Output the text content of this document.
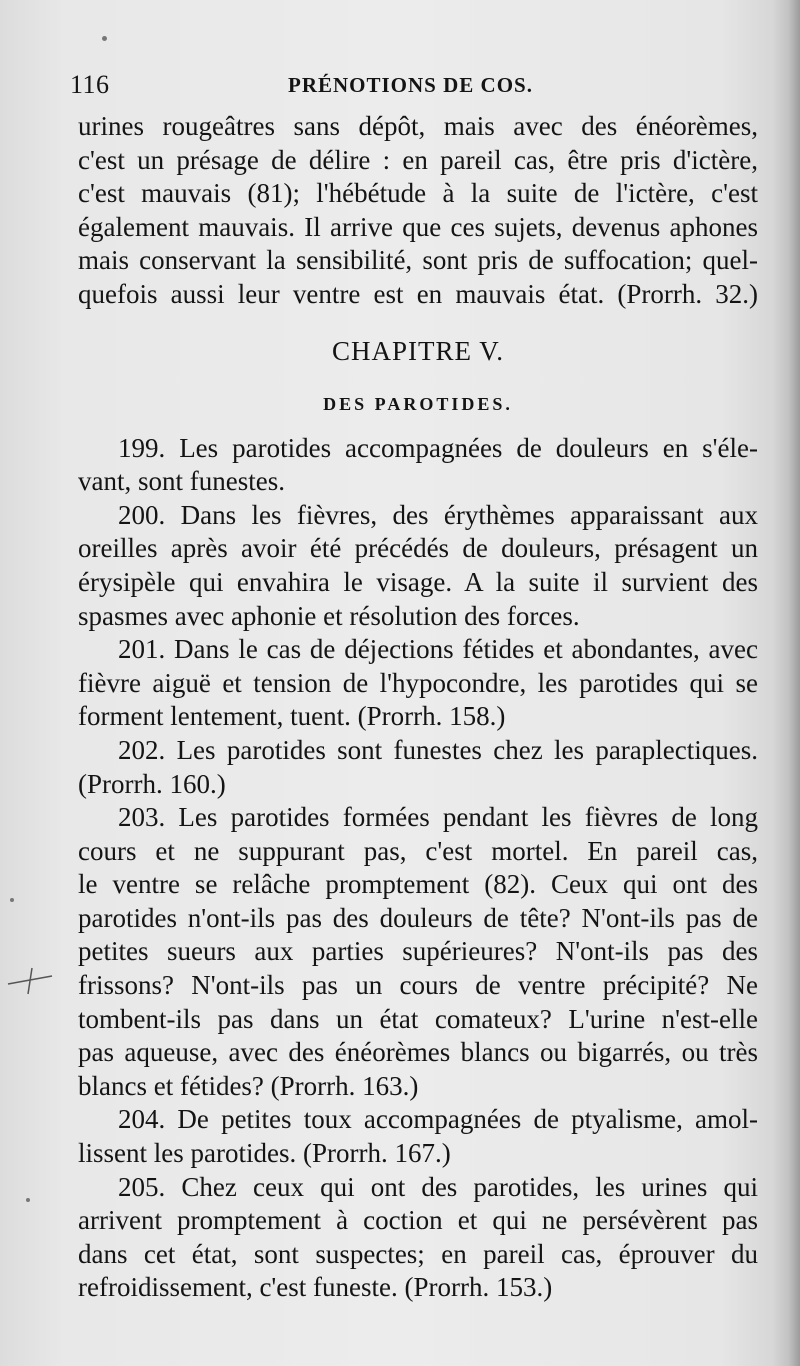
116	PRÉNOTIONS DE COS.
urines rougeâtres sans dépôt, mais avec des énéorèmes,
c'est un présage de délire : en pareil cas, être pris d'ictère,
c'est mauvais (81); l'hébétude à la suite de l'ictère, c'est
également mauvais. Il arrive que ces sujets, devenus aphones
mais conservant la sensibilité, sont pris de suffocation; quel-
quefois aussi leur ventre est en mauvais état. (Prorrh. 32.)
CHAPITRE V.
DES PAROTIDES.
199. Les parotides accompagnées de douleurs en s'éle-
vant, sont funestes.
200. Dans les fièvres, des érythèmes apparaissant aux
oreilles après avoir été précédés de douleurs, présagent un
érysipèle qui envahira le visage. A la suite il survient des
spasmes avec aphonie et résolution des forces.
201. Dans le cas de déjections fétides et abondantes, avec
fièvre aiguë et tension de l'hypocondre, les parotides qui se
forment lentement, tuent. (Prorrh. 158.)
202. Les parotides sont funestes chez les paraplectiques.
(Prorrh. 160.)
203. Les parotides formées pendant les fièvres de long
cours et ne suppurant pas, c'est mortel. En pareil cas,
le ventre se relâche promptement (82). Ceux qui ont des
parotides n'ont-ils pas des douleurs de tête? N'ont-ils pas de
petites sueurs aux parties supérieures? N'ont-ils pas des
frissons? N'ont-ils pas un cours de ventre précipité? Ne
tombent-ils pas dans un état comateux? L'urine n'est-elle
pas aqueuse, avec des énéorèmes blancs ou bigarrés, ou très
blancs et fétides? (Prorrh. 163.)
204. De petites toux accompagnées de ptyalisme, amol-
lissent les parotides. (Prorrh. 167.)
205. Chez ceux qui ont des parotides, les urines qui
arrivent promptement à coction et qui ne persévèrent pas
dans cet état, sont suspectes; en pareil cas, éprouver du
refroidissement, c'est funeste. (Prorrh. 153.)
